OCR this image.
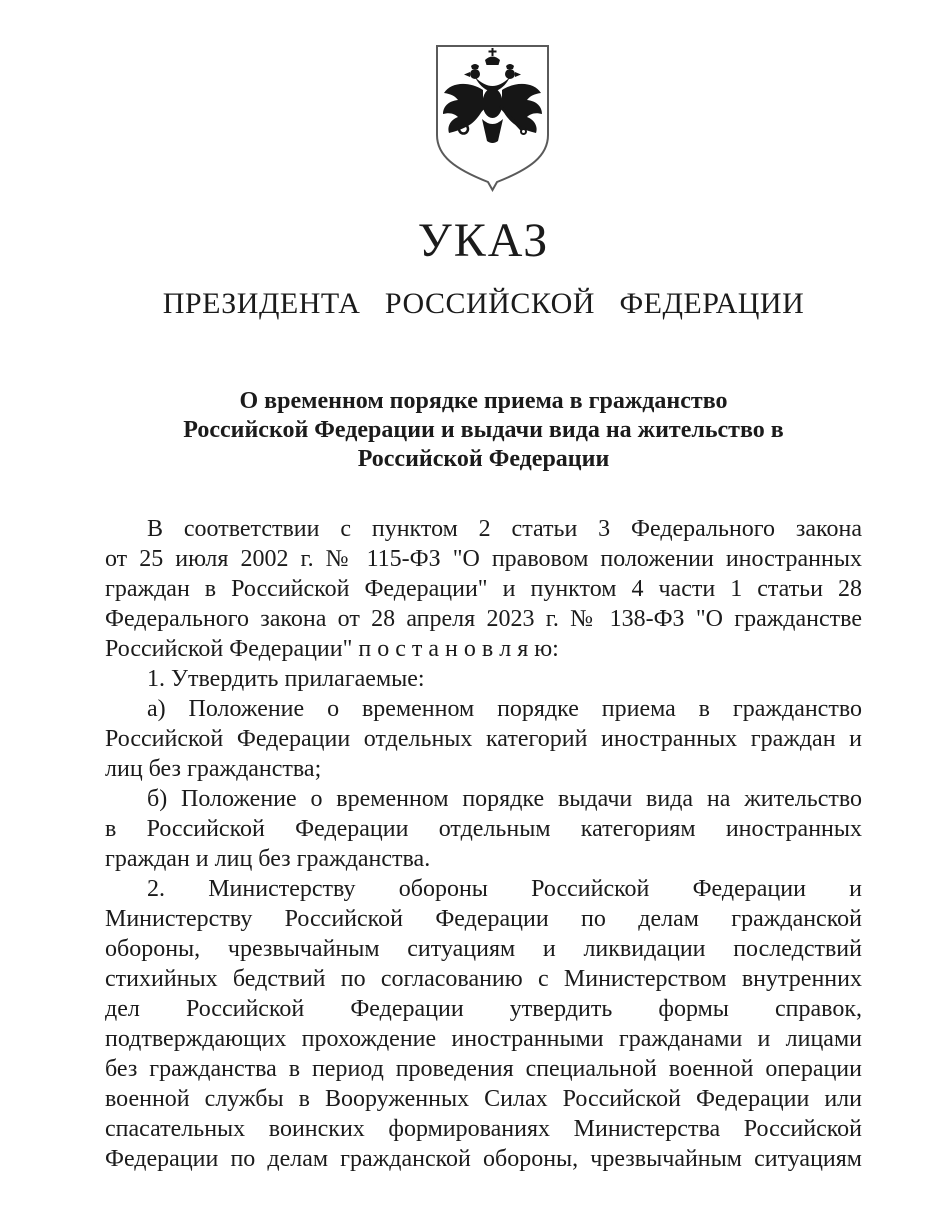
УКАЗ
ПРЕЗИДЕНТА РОССИЙСКОЙ ФЕДЕРАЦИИ
О временном порядке приема в гражданство
Российской Федерации и выдачи вида на жительство в
Российской Федерации
В соответствии с пунктом 2 статьи 3 Федерального закона
от 25 июля 2002 г. № 115-ФЗ "О правовом положении иностранных
граждан в Российской Федерации" и пунктом 4 части 1 статьи 28
Федерального закона от 28 апреля 2023 г. № 138-ФЗ "О гражданстве
Российской Федерации" п о с т а н о в л я ю:
1. Утвердить прилагаемые:
а) Положение о временном порядке приема в гражданство
Российской Федерации отдельных категорий иностранных граждан и
лиц без гражданства;
б) Положение о временном порядке выдачи вида на жительство
в Российской Федерации отдельным категориям иностранных
граждан и лиц без гражданства.
2. Министерству обороны Российской Федерации и
Министерству Российской Федерации по делам гражданской
обороны, чрезвычайным ситуациям и ликвидации последствий
стихийных бедствий по согласованию с Министерством внутренних
дел Российской Федерации утвердить формы справок,
подтверждающих прохождение иностранными гражданами и лицами
без гражданства в период проведения специальной военной операции
военной службы в Вооруженных Силах Российской Федерации или
спасательных воинских формированиях Министерства Российской
Федерации по делам гражданской обороны, чрезвычайным ситуациям
